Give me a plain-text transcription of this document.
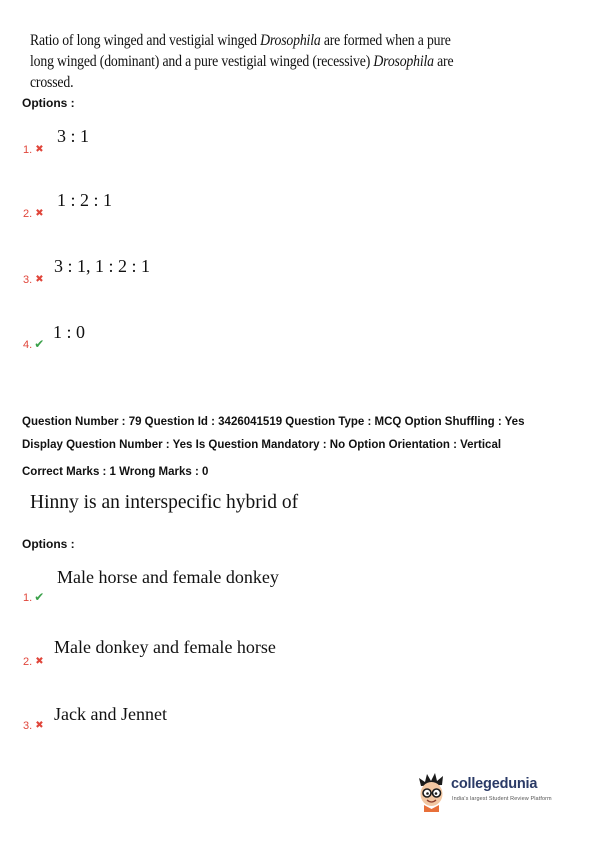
Ratio of long winged and vestigial winged Drosophila are formed when a pure long winged (dominant) and a pure vestigial winged (recessive) Drosophila are crossed.
Options :
3 : 1
1. ✖
1 : 2 : 1
2. ✖
3 : 1, 1 : 2 : 1
3. ✖
1 : 0
4. ✔
Question Number : 79 Question Id : 3426041519 Question Type : MCQ Option Shuffling : Yes
Display Question Number : Yes Is Question Mandatory : No Option Orientation : Vertical
Correct Marks : 1 Wrong Marks : 0
Hinny is an interspecific hybrid of
Options :
Male horse and female donkey
1. ✔
Male donkey and female horse
2. ✖
Jack and Jennet
3. ✖
collegedunia
India's largest Student Review Platform
